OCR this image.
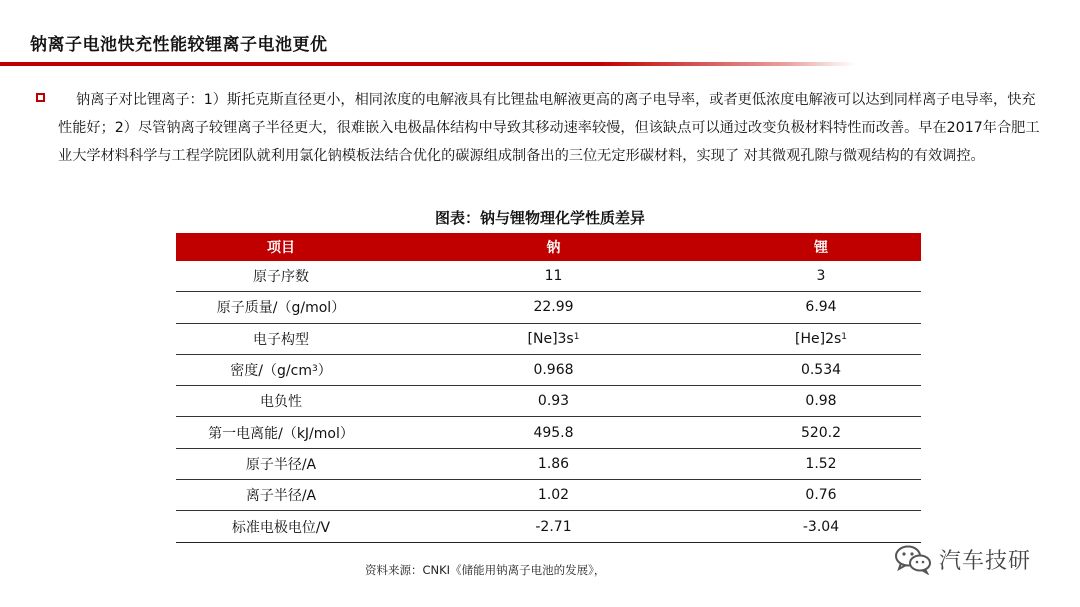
钠离子电池快充性能较锂离子电池更优
钠离子对比锂离子：1）斯托克斯直径更小，相同浓度的电解液具有比锂盐电解液更高的离子电导率，或者更低浓度电解液可以达到同样离子电导率，快充性能好；2）尽管钠离子较锂离子半径更大，很难嵌入电极晶体结构中导致其移动速率较慢，但该缺点可以通过改变负极材料特性而改善。早在2017年合肥工业大学材料科学与工程学院团队就利用氯化钠模板法结合优化的碳源组成制备出的三位无定形碳材料，实现了 对其微观孔隙与微观结构的有效调控。
图表：钠与锂物理化学性质差异
项目	钠	锂
原子序数	11	3
原子质量/（g/mol）	22.99	6.94
电子构型	$[Ne]3s^1$	$[He]2s^1$
密度$/(g/cm^3)$	0.968	0.534
电负性	0.93	0.98
第一电离能/（kJ/mol）	495.8	520.2
原子半径/A	1.86	1.52
离子半径/A	1.02	0.76
标准电极电位/V	-2.71	-3.04
资料来源：CNKI《储能用钠离子电池的发展》，	汽车技研
